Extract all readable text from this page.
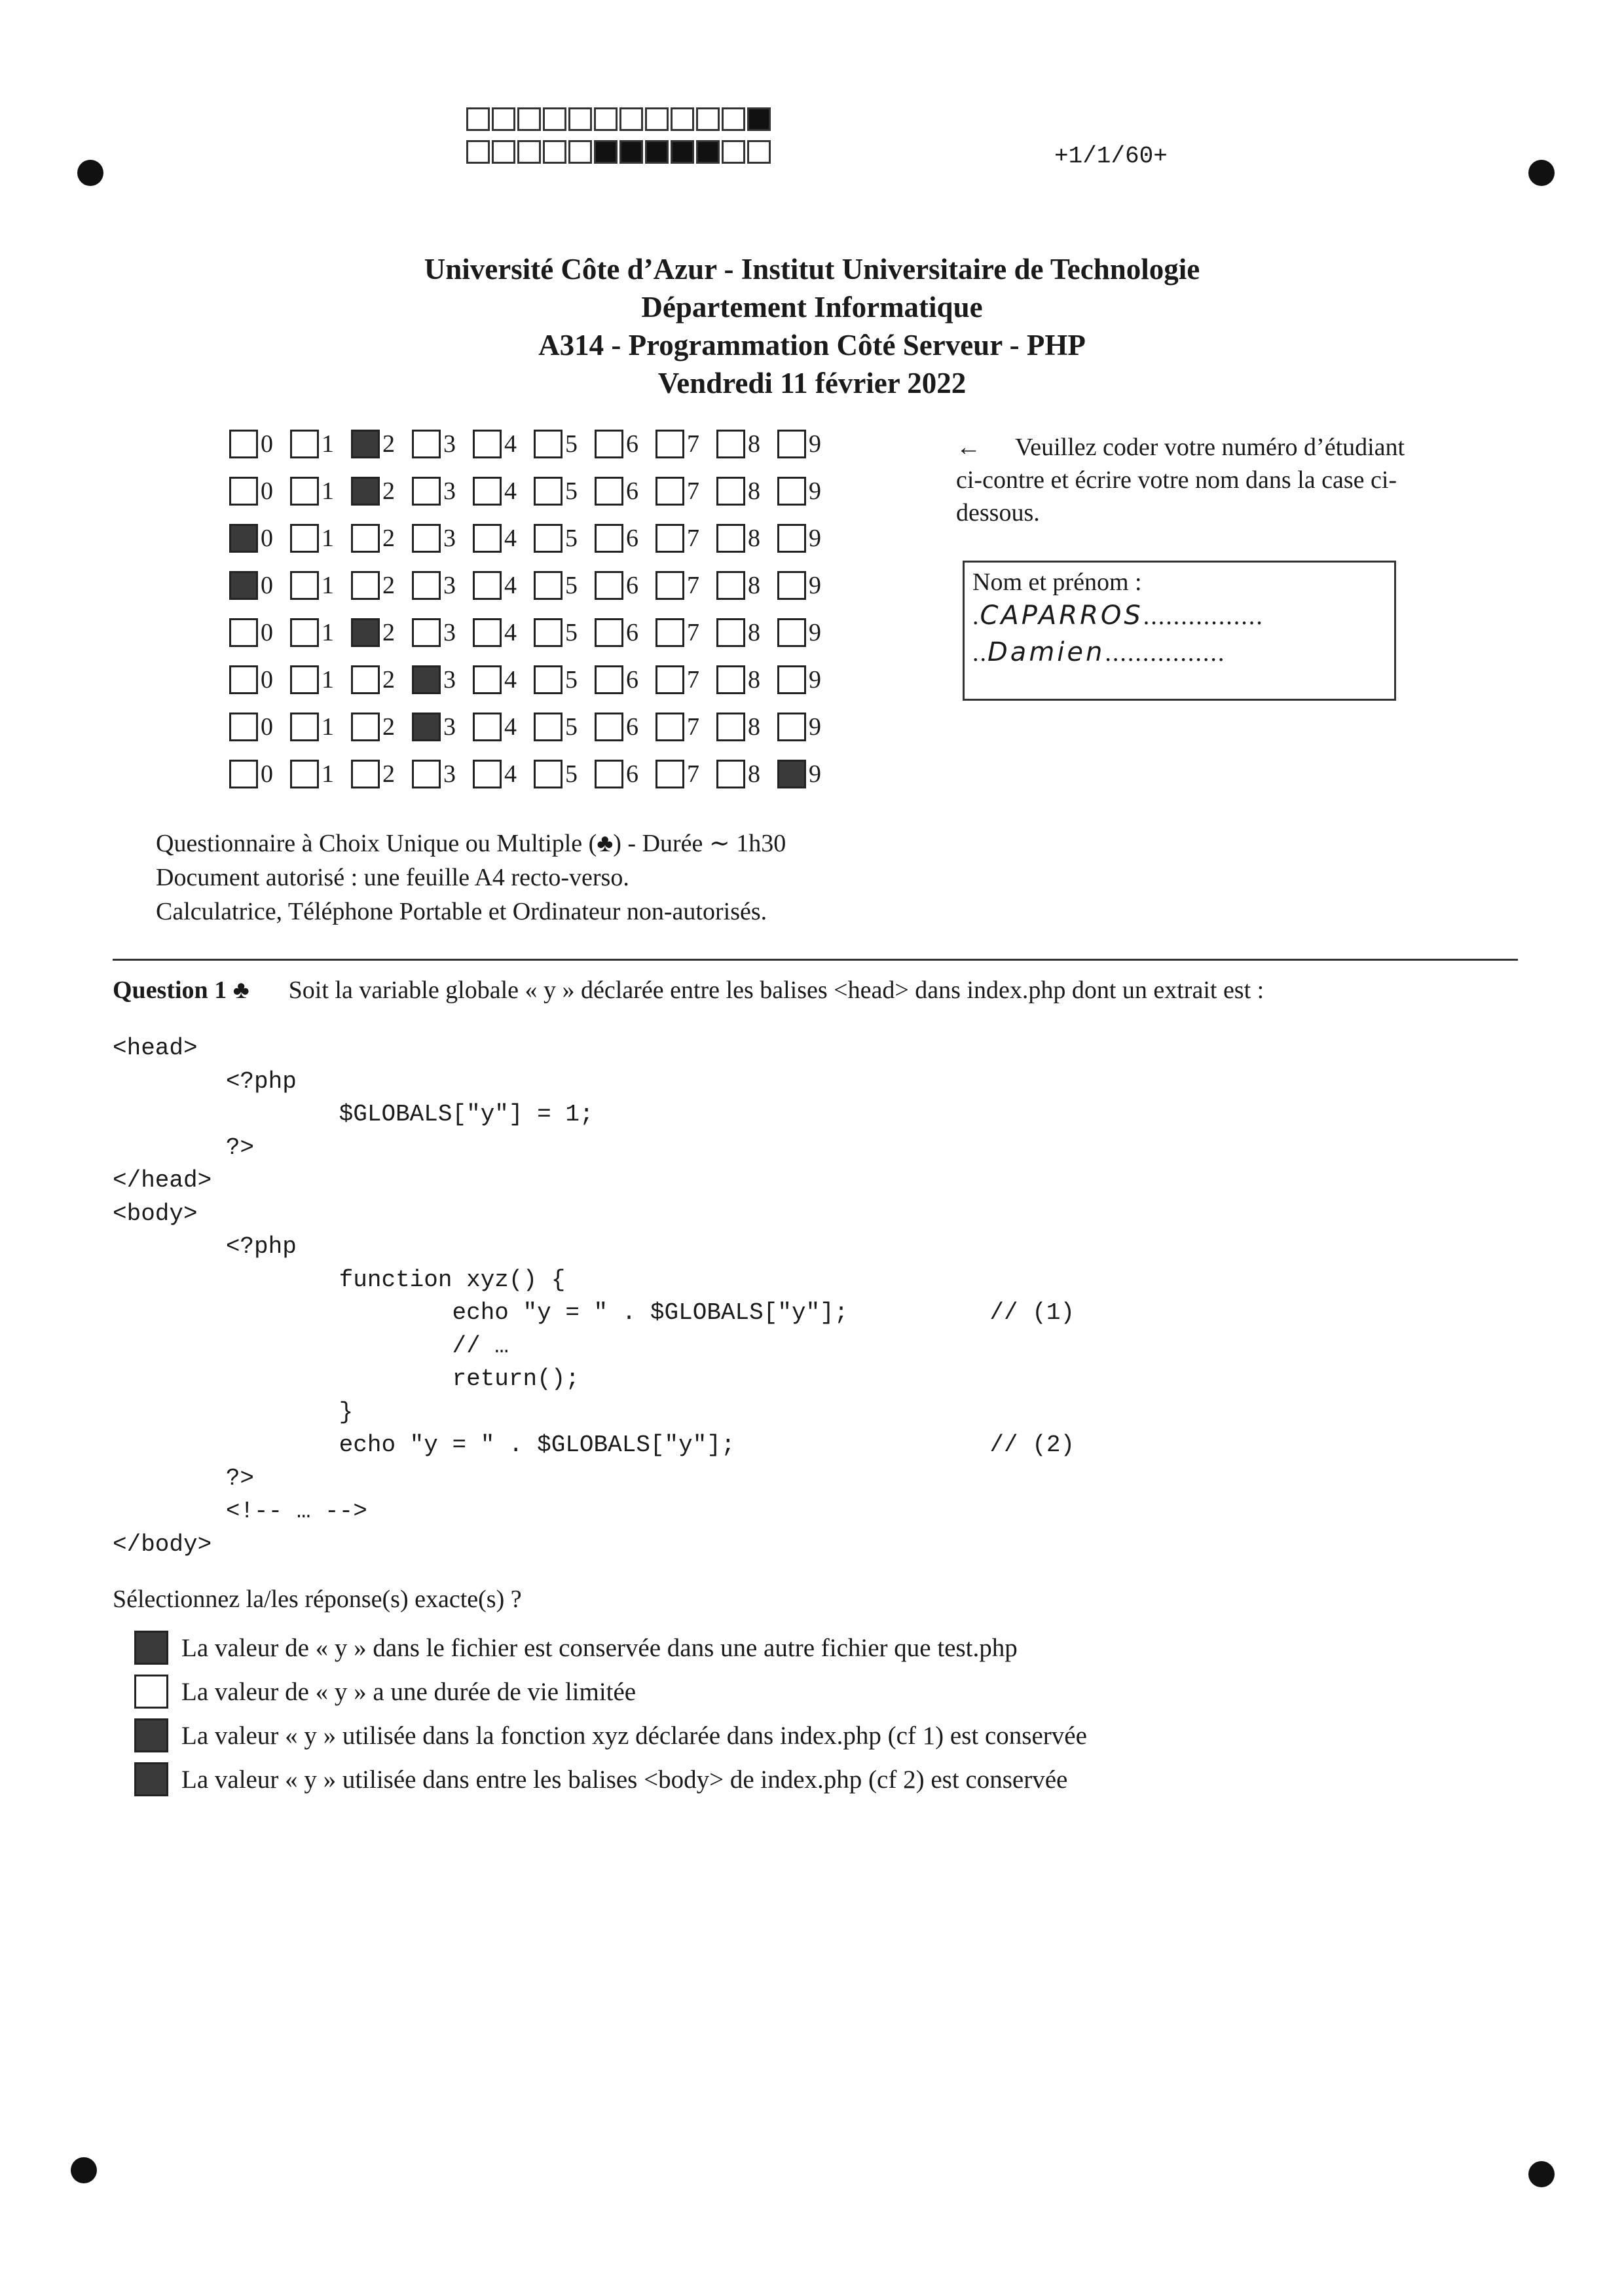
+1/1/60+
Université Côte d’Azur - Institut Universitaire de Technologie
Département Informatique
A314 - Programmation Côté Serveur - PHP
Vendredi 11 février 2022
0 1 2 3 4 5 6 7 8 9
0 1 2 3 4 5 6 7 8 9
0 1 2 3 4 5 6 7 8 9
0 1 2 3 4 5 6 7 8 9
0 1 2 3 4 5 6 7 8 9
0 1 2 3 4 5 6 7 8 9
0 1 2 3 4 5 6 7 8 9
0 1 2 3 4 5 6 7 8 9
← Veuillez coder votre numéro d’étudiant ci-contre et écrire votre nom dans la case ci-dessous.
Nom et prénom :
.CAPARROS................
..Damien................
Questionnaire à Choix Unique ou Multiple (♣) - Durée ∼ 1h30
Document autorisé : une feuille A4 recto-verso.
Calculatrice, Téléphone Portable et Ordinateur non-autorisés.
Question 1 ♣ Soit la variable globale « y » déclarée entre les balises <head> dans index.php dont un extrait est :
<head>
<?php
$GLOBALS["y"] = 1;
?>
</head>
<body>
<?php
function xyz() {
echo "y = " . $GLOBALS["y"];          // (1)
// …
return();
}
echo "y = " . $GLOBALS["y"];                  // (2)
?>
<!-- … -->
</body>
Sélectionnez la/les réponse(s) exacte(s) ?
La valeur de « y » dans le fichier est conservée dans une autre fichier que test.php
La valeur de « y » a une durée de vie limitée
La valeur « y » utilisée dans la fonction xyz déclarée dans index.php (cf 1) est conservée
La valeur « y » utilisée dans entre les balises <body> de index.php (cf 2) est conservée
